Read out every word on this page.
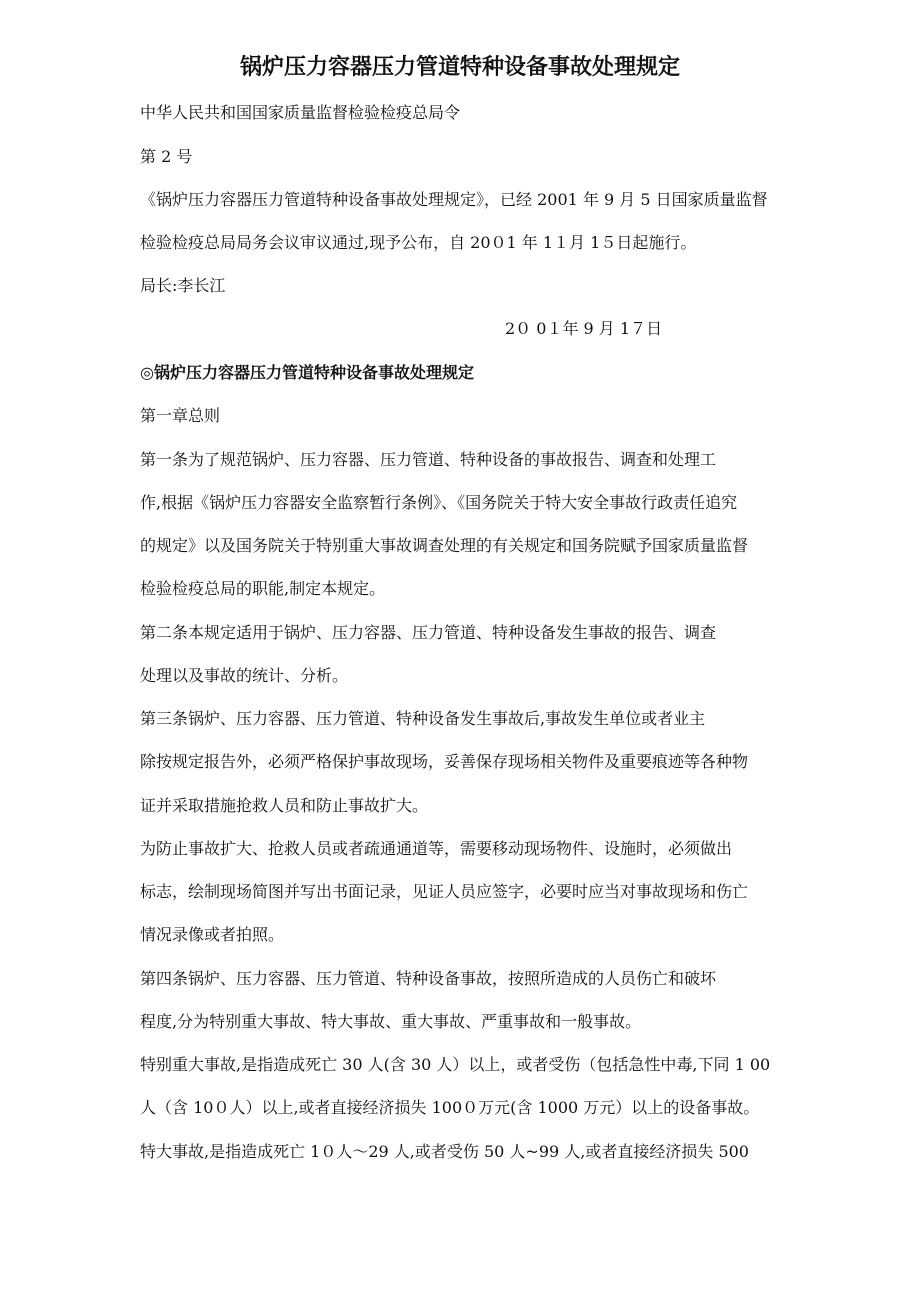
锅炉压力容器压力管道特种设备事故处理规定
中华人民共和国国家质量监督检验检疫总局令
第 2 号
《锅炉压力容器压力管道特种设备事故处理规定》，已经 2001 年 9 月 5 日国家质量监督
检验检疫总局局务会议审议通过,现予公布，自 20０1 年 1１月 1５日起施行。
局长:李长江
2０ 0１年 9 月 1７日
◎锅炉压力容器压力管道特种设备事故处理规定
第一章总则
第一条为了规范锅炉、压力容器、压力管道、特种设备的事故报告、调查和处理工
作,根据《锅炉压力容器安全监察暂行条例》、《国务院关于特大安全事故行政责任追究
的规定》以及国务院关于特别重大事故调查处理的有关规定和国务院赋予国家质量监督
检验检疫总局的职能,制定本规定。
第二条本规定适用于锅炉、压力容器、压力管道、特种设备发生事故的报告、调查
处理以及事故的统计、分析。
第三条锅炉、压力容器、压力管道、特种设备发生事故后,事故发生单位或者业主
除按规定报告外，必须严格保护事故现场，妥善保存现场相关物件及重要痕迹等各种物
证并采取措施抢救人员和防止事故扩大。
为防止事故扩大、抢救人员或者疏通通道等，需要移动现场物件、设施时，必须做出
标志，绘制现场简图并写出书面记录，见证人员应签字，必要时应当对事故现场和伤亡
情况录像或者拍照。
第四条锅炉、压力容器、压力管道、特种设备事故，按照所造成的人员伤亡和破坏
程度,分为特别重大事故、特大事故、重大事故、严重事故和一般事故。
特别重大事故,是指造成死亡 30 人(含 30 人）以上，或者受伤（包括急性中毒,下同 1 00
人（含 10０人）以上,或者直接经济损失 100０万元(含 1000 万元）以上的设备事故。
特大事故,是指造成死亡 1０人～29 人,或者受伤 50 人~99 人,或者直接经济损失 500
